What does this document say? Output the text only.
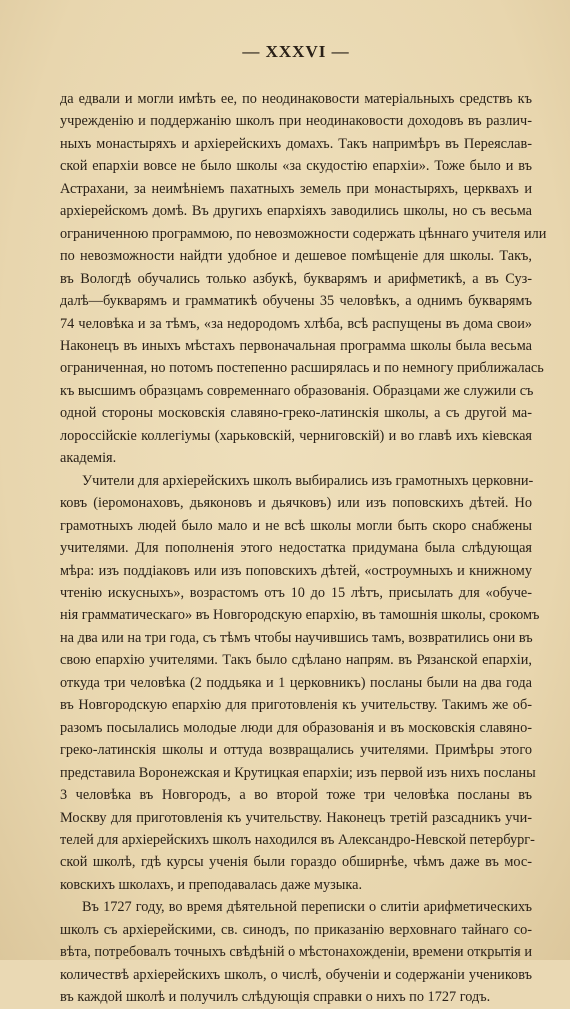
— XXXVI —
да едвали и могли имѣть ее, по неодинаковости матеріальныхъ средствъ къ
учрежденію и поддержанію школъ при неодинаковости доходовъ въ различ-
ныхъ монастыряхъ и архіерейскихъ домахъ. Такъ напримѣръ въ Переяслав-
ской епархіи вовсе не было школы «за скудостію епархіи». Тоже было и въ
Астрахани, за неимѣніемъ пахатныхъ земель при монастыряхъ, церквахъ и
архіерейскомъ домѣ. Въ другихъ епархіяхъ заводились школы, но съ весьма
ограниченною программою, по невозможности содержать цѣннаго учителя или
по невозможности найдти удобное и дешевое помѣщеніе для школы. Такъ,
въ Вологдѣ обучались только азбукѣ, букварямъ и арифметикѣ, а въ Суз-
далѣ—букварямъ и грамматикѣ обучены 35 человѣкъ, а однимъ букварямъ
74 человѣка и за тѣмъ, «за недородомъ хлѣба, всѣ распущены въ дома свои»
Наконецъ въ иныхъ мѣстахъ первоначальная программа школы была весьма
ограниченная, но потомъ постепенно расширялась и по немногу приближалась
къ высшимъ образцамъ современнаго образованія. Образцами же служили съ
одной стороны московскія славяно-греко-латинскія школы, а съ другой ма-
лороссійскіе коллегіумы (харьковскій, черниговскій) и во главѣ ихъ кіевская
академія.
Учители для архіерейскихъ школъ выбирались изъ грамотныхъ церковни-
ковъ (іеромонаховъ, дьяконовъ и дьячковъ) или изъ поповскихъ дѣтей. Но
грамотныхъ людей было мало и не всѣ школы могли быть скоро снабжены
учителями. Для пополненія этого недостатка придумана была слѣдующая
мѣра: изъ поддіаковъ или изъ поповскихъ дѣтей, «остроумныхъ и книжному
чтенію искусныхъ», возрастомъ отъ 10 до 15 лѣтъ, присылать для «обуче-
нія грамматическаго» въ Новгородскую епархію, въ тамошнія школы, срокомъ
на два или на три года, съ тѣмъ чтобы научившись тамъ, возвратились они въ
свою епархію учителями. Такъ было сдѣлано напрям. въ Рязанской епархіи,
откуда три человѣка (2 поддьяка и 1 церковникъ) посланы были на два года
въ Новгородскую епархію для приготовленія къ учительству. Такимъ же об-
разомъ посылались молодые люди для образованія и въ московскія славяно-
греко-латинскія школы и оттуда возвращались учителями. Примѣры этого
представила Воронежская и Крутицкая епархіи; изъ первой изъ нихъ посланы
3 человѣка въ Новгородъ, а во второй тоже три человѣка посланы въ
Москву для приготовленія къ учительству. Наконецъ третій разсадникъ учи-
телей для архіерейскихъ школъ находился въ Александро-Невской петербург-
ской школѣ, гдѣ курсы ученія были гораздо обширнѣе, чѣмъ даже въ мос-
ковскихъ школахъ, и преподавалась даже музыка.
Въ 1727 году, во время дѣятельной переписки о слитіи арифметическихъ
школъ съ архіерейскими, св. синодъ, по приказанію верховнаго тайнаго со-
вѣта, потребовалъ точныхъ свѣдѣній о мѣстонахожденіи, времени открытія и
количествѣ архіерейскихъ школъ, о числѣ, обученіи и содержаніи учениковъ
въ каждой школѣ и получилъ слѣдующія справки о нихъ по 1727 годъ.
